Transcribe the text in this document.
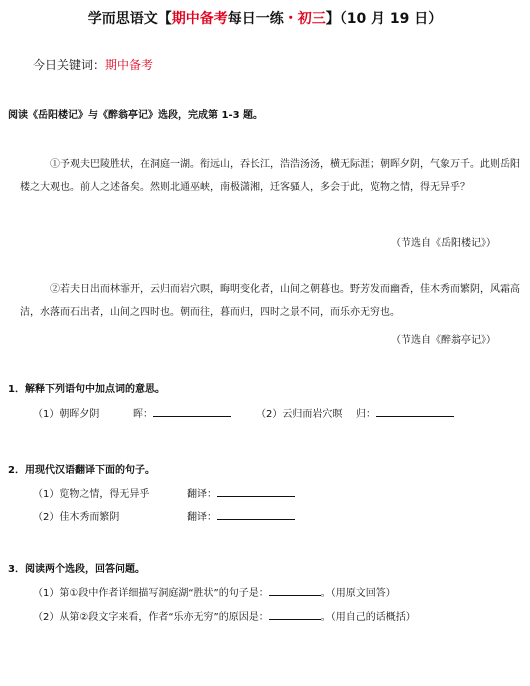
学而思语文【期中备考每日一练・初三】（10 月 19 日）
今日关键词：期中备考
阅读《岳阳楼记》与《醉翁亭记》选段，完成第 1-3 题。
①予观夫巴陵胜状，在洞庭一湖。衔远山，吞长江，浩浩汤汤，横无际涯；朝晖夕阴，气象万千。此则岳阳楼之大观也。前人之述备矣。然则北通巫峡，南极潇湘，迁客骚人，多会于此，览物之情，得无异乎？
（节选自《岳阳楼记》）
②若夫日出而林霏开，云归而岩穴暝，晦明变化者，山间之朝暮也。野芳发而幽香，佳木秀而繁阴，风霜高洁，水落而石出者，山间之四时也。朝而往，暮而归，四时之景不同，而乐亦无穷也。
（节选自《醉翁亭记》）
1．解释下列语句中加点词的意思。
（1）朝晖夕阴	晖：	（2）云归而岩穴暝 归：
2．用现代汉语翻译下面的句子。
（1）览物之情，得无异乎	翻译：
（2）佳木秀而繁阴	翻译：
3．阅读两个选段，回答问题。
（1）第①段中作者详细描写洞庭湖“胜状”的句子是：	。（用原文回答）
（2）从第②段文字来看，作者“乐亦无穷”的原因是：	。（用自己的话概括）
